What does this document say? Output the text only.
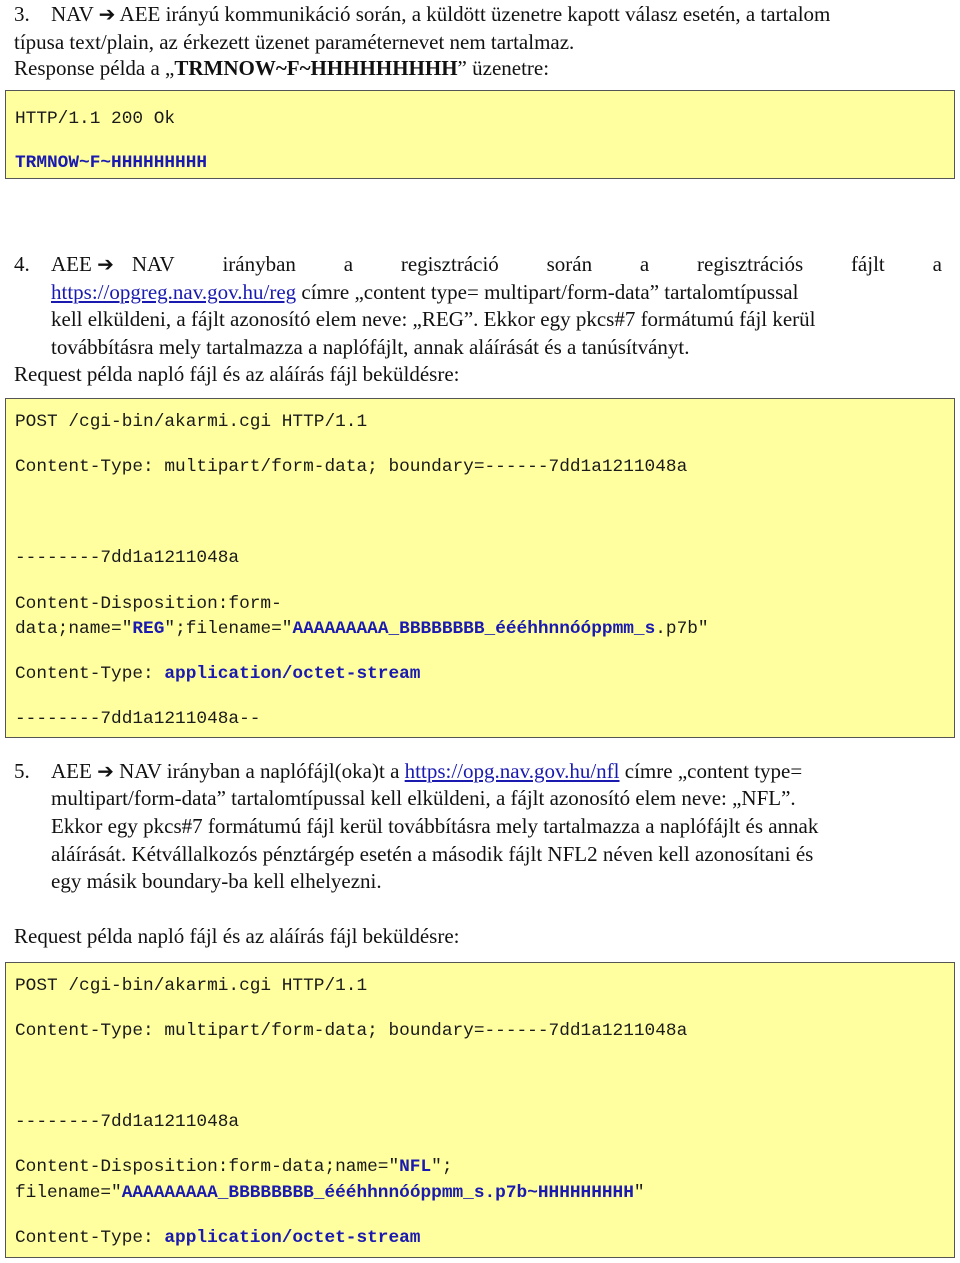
3. NAV ➔ AEE irányú kommunikáció során, a küldött üzenetre kapott válasz esetén, a tartalom
típusa text/plain, az érkezett üzenet paraméternevet nem tartalmaz.
Response példa a „TRMNOW~F~HHHHHHHHH” üzenetre:
HTTP/1.1 200 Ok
TRMNOW~F~HHHHHHHHH
4. AEE ➔ NAV irányban a regisztráció során a regisztrációs fájlt a
https://opgreg.nav.gov.hu/reg címre „content type= multipart/form-data” tartalomtípussal
kell elküldeni, a fájlt azonosító elem neve: „REG”. Ekkor egy pkcs#7 formátumú fájl kerül
továbbításra mely tartalmazza a naplófájlt, annak aláírását és a tanúsítványt.
Request példa napló fájl és az aláírás fájl beküldésre:
POST /cgi-bin/akarmi.cgi HTTP/1.1
Content-Type: multipart/form-data; boundary=------7dd1a1211048a
--------7dd1a1211048a
Content-Disposition:form-
data;name="REG";filename="AAAAAAAAA_BBBBBBBB_éééhhnnóóppmm_s.p7b"
Content-Type: application/octet-stream
--------7dd1a1211048a--
5. AEE ➔ NAV irányban a naplófájl(oka)t a https://opg.nav.gov.hu/nfl címre „content type=
multipart/form-data” tartalomtípussal kell elküldeni, a fájlt azonosító elem neve: „NFL”.
Ekkor egy pkcs#7 formátumú fájl kerül továbbításra mely tartalmazza a naplófájlt és annak
aláírását. Kétvállalkozós pénztárgép esetén a második fájlt NFL2 néven kell azonosítani és
egy másik boundary-ba kell elhelyezni.
Request példa napló fájl és az aláírás fájl beküldésre:
POST /cgi-bin/akarmi.cgi HTTP/1.1
Content-Type: multipart/form-data; boundary=------7dd1a1211048a
--------7dd1a1211048a
Content-Disposition:form-data;name="NFL";
filename="AAAAAAAAA_BBBBBBBB_éééhhnnóóppmm_s.p7b~HHHHHHHHH"
Content-Type: application/octet-stream
